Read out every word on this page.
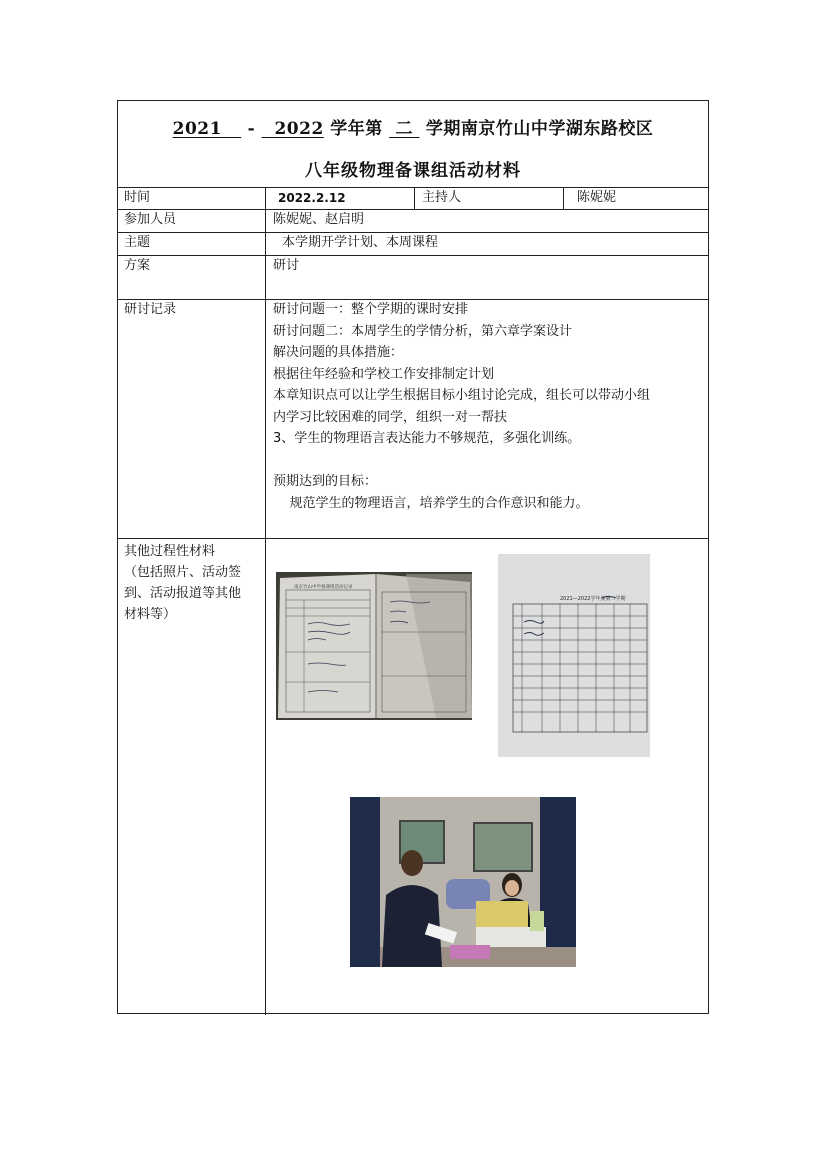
2021 - 2022 学年第 二 学期南京竹山中学湖东路校区
八年级物理备课组活动材料
时间	2022.2.12	主持人	陈妮妮
参加人员	陈妮妮、赵启明
主题	本学期开学计划、本周课程
方案	研讨
研讨记录	研讨问题一：整个学期的课时安排
研讨问题二：本周学生的学情分析，第六章学案设计
解决问题的具体措施：
根据往年经验和学校工作安排制定计划
本章知识点可以让学生根据目标小组讨论完成，组长可以带动小组
内学习比较困难的同学，组织一对一帮扶
3、学生的物理语言表达能力不够规范，多强化训练。
预期达到的目标：
规范学生的物理语言，培养学生的合作意识和能力。
其他过程性材料
（包括照片、活动签
到、活动报道等其他
材料等）
南京竹山中学备课组活动记录
2021—2022学年度第二学期
